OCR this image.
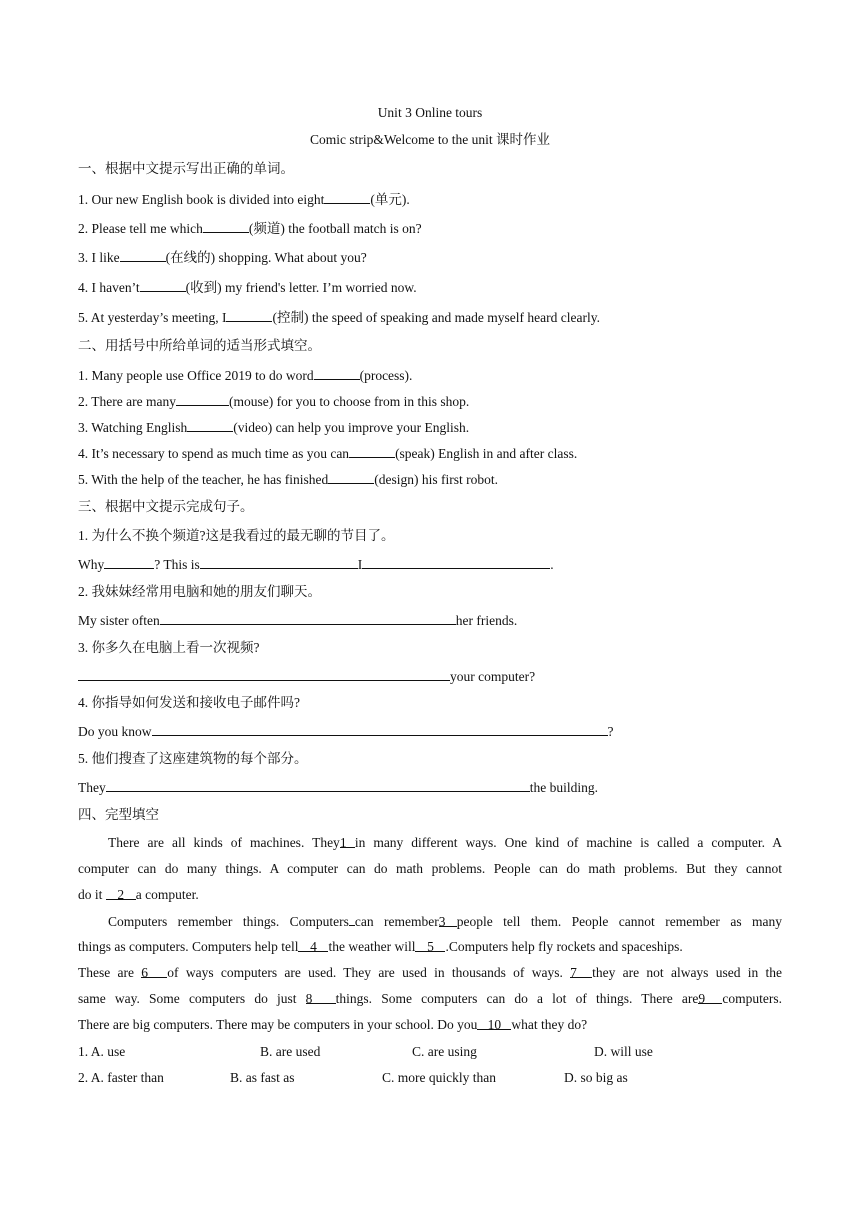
Unit 3 Online tours
Comic strip&Welcome to the unit 课时作业
一、根据中文提示写出正确的单词。
1. Our new English book is divided into eight	(单元).
2. Please tell me which	(频道) the football match is on?
3. I like	(在线的) shopping. What about you?
4. I haven’t	(收到) my friend's letter. I’m worried now.
5. At yesterday’s meeting, I	(控制) the speed of speaking and made myself heard clearly.
二、用括号中所给单词的适当形式填空。
1. Many people use Office 2019 to do word	(process).
2. There are many	(mouse) for you to choose from in this shop.
3. Watching English	(video) can help you improve your English.
4. It’s necessary to spend as much time as you can	(speak) English in and after class.
5. With the help of the teacher, he has finished	(design) his first robot.
三、根据中文提示完成句子。
1. 为什么不换个频道?这是我看过的最无聊的节目了。
Why	? This is	I	.
2. 我妹妹经常用电脑和她的朋友们聊天。
My sister often	her friends.
3. 你多久在电脑上看一次视频?
your computer?
4. 你指导如何发送和接收电子邮件吗?
Do you know	?
5. 他们搜查了这座建筑物的每个部分。
They	the building.
四、完型填空
There are all kinds of machines. They1 in many different ways. One kind of machine is called a computer. A
computer can do many things. A computer can do math problems. People can do math problems. But they cannot
do it 2 a computer.
Computers remember things. Computers can remember3 people tell them. People cannot remember as many
things as computers. Computers help tell 4 the weather will 5 .Computers help fly rockets and spaceships.
These are 6 of ways computers are used. They are used in thousands of ways. 7 they are not always used in the
same way. Some computers do just 8 things. Some computers can do a lot of things. There are9 computers.
There are big computers. There may be computers in your school. Do you 10 what they do?
1. A. use	B. are used	C. are using	D. will use
2. A. faster than	B. as fast as	C. more quickly than	D. so big as
